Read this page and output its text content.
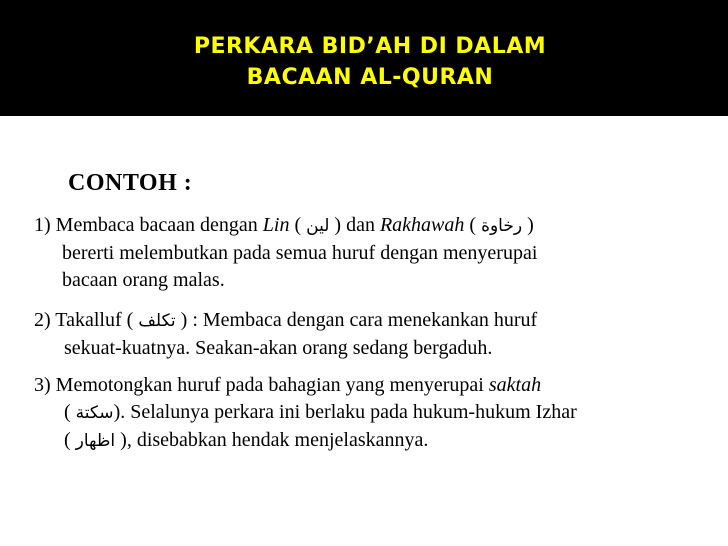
PERKARA BID’AH DI DALAM
BACAAN AL-QURAN
CONTOH :
1) Membaca bacaan dengan Lin ( لين ) dan Rakhawah ( رخاوة )
bererti melembutkan pada semua huruf dengan menyerupai
bacaan orang malas.
2) Takalluf ( تكلف ) : Membaca dengan cara menekankan huruf
sekuat-kuatnya. Seakan-akan orang sedang bergaduh.
3) Memotongkan huruf pada bahagian yang menyerupai saktah
( سكتة). Selalunya perkara ini berlaku pada hukum-hukum Izhar
( اظهار ), disebabkan hendak menjelaskannya.
